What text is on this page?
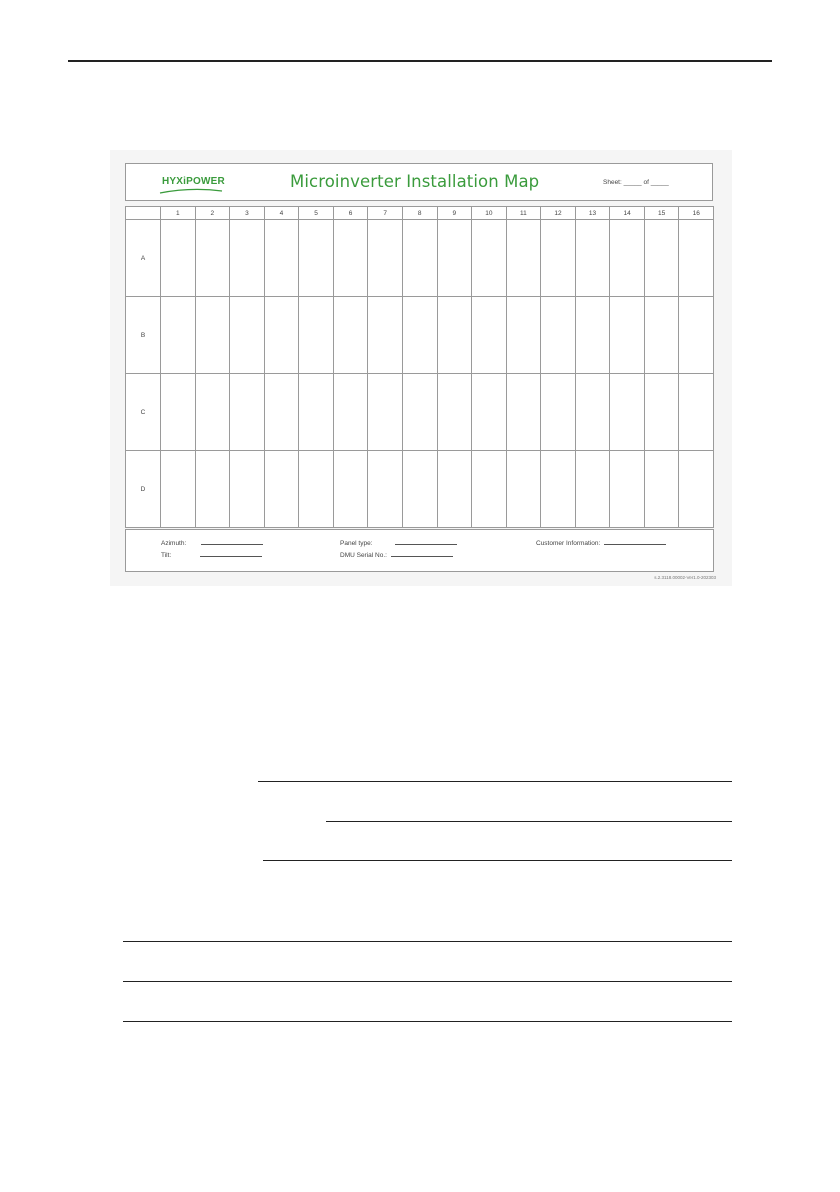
HYXiPOWER	Microinverter Installation Map	Sheet: _____ of _____
	1	2	3	4	5	6	7	8	9	10	11	12	13	14	15	16
A																
B																
C																
D																
Azimuth:
Tilt:
Panel type:
DMU Serial No.:
Customer Information:
s.2.3118.00002-Ver1.0-202303
